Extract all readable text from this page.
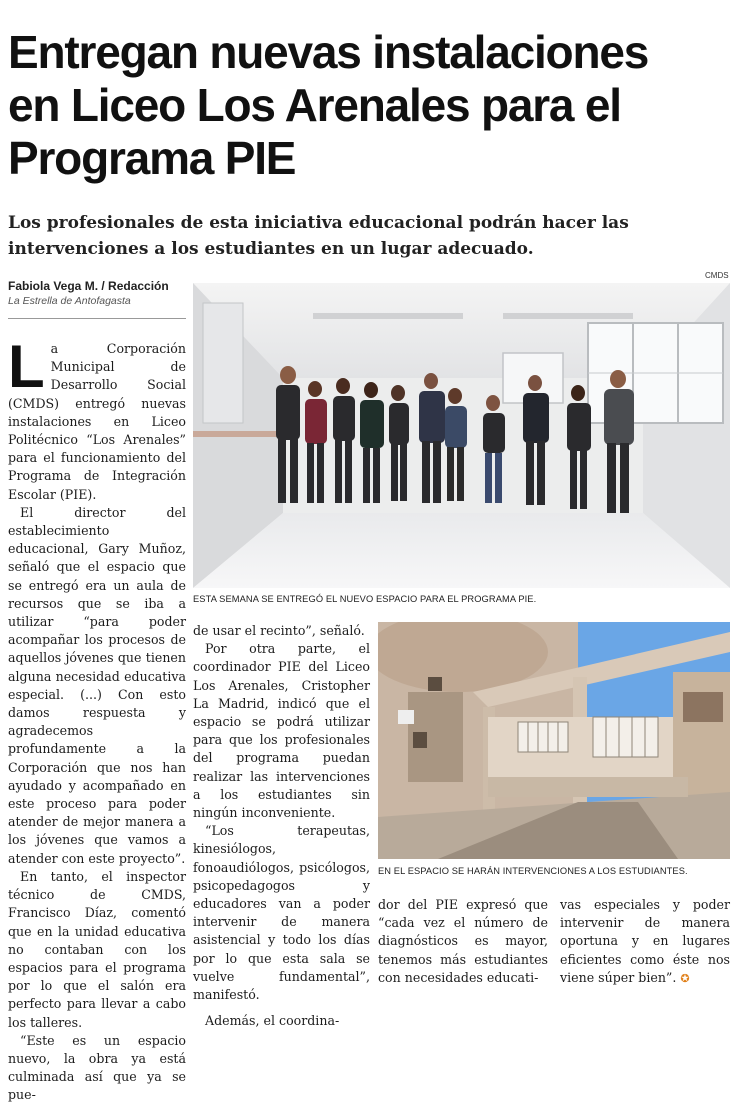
Entregan nuevas instalaciones
en Liceo Los Arenales para el
Programa PIE

Los profesionales de esta iniciativa educacional podrán hacer las intervenciones a los estudiantes en un lugar adecuado.

Fabiola Vega M. / Redacción
La Estrella de Antofagasta
CMDS

La Corporación Municipal de Desarrollo Social (CMDS) entregó nuevas instalaciones en Liceo Politécnico “Los Arenales” para el funcionamiento del Programa de Integración Escolar (PIE).

El director del establecimiento educacional, Gary Muñoz, señaló que el espacio que se entregó era un aula de recursos que se iba a utilizar “para poder acompañar los procesos de aquellos jóvenes que tienen alguna necesidad educativa especial. (...) Con esto damos respuesta y agradecemos profundamente a la Corporación que nos han ayudado y acompañado en este proceso para poder atender de mejor manera a los jóvenes que vamos a atender con este proyecto”.

En tanto, el inspector técnico de CMDS, Francisco Díaz, comentó que en la unidad educativa no contaban con los espacios para el programa por lo que el salón era perfecto para llevar a cabo los talleres.

“Este es un espacio nuevo, la obra ya está culminada así que ya se pue-

ESTA SEMANA SE ENTREGÓ EL NUEVO ESPACIO PARA EL PROGRAMA PIE.

de usar el recinto”, señaló.

Por otra parte, el coordinador PIE del Liceo Los Arenales, Cristopher La Madrid, indicó que el espacio se podrá utilizar para que los profesionales del programa puedan realizar las intervenciones a los estudiantes sin ningún inconveniente.

“Los terapeutas, kinesiólogos, fonoaudiólogos, psicólogos, psicopedagogos y educadores van a poder intervenir de manera asistencial y todo los días por lo que esta sala se vuelve fundamental”, manifestó.

Además, el coordina-

EN EL ESPACIO SE HARÁN INTERVENCIONES A LOS ESTUDIANTES.

dor del PIE expresó que “cada vez el número de diagnósticos es mayor, tenemos más estudiantes con necesidades educati-

vas especiales y poder intervenir de manera oportuna y en lugares eficientes como éste nos viene súper bien”. ✪
